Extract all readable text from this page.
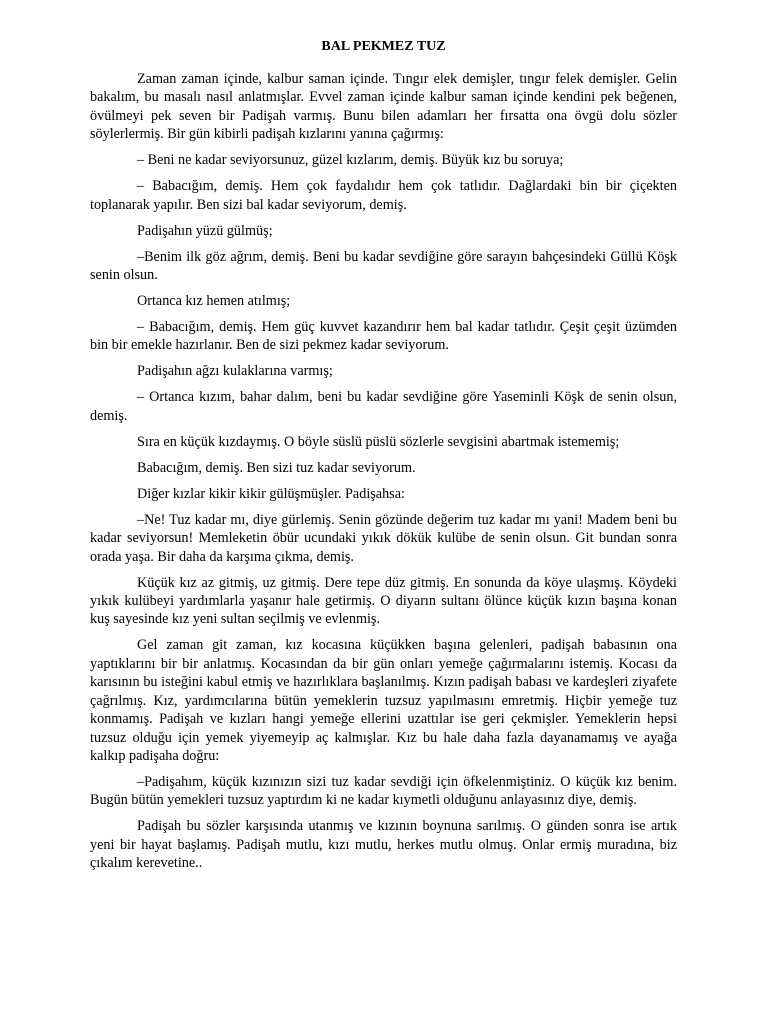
BAL PEKMEZ TUZ
Zaman zaman içinde, kalbur saman içinde. Tıngır elek demişler, tıngır felek demişler. Gelin bakalım, bu masalı nasıl anlatmışlar. Evvel zaman içinde kalbur saman içinde kendini pek beğenen, övülmeyi pek seven bir Padişah varmış. Bunu bilen adamları her fırsatta ona övgü dolu sözler söylerlermiş. Bir gün kibirli padişah kızlarını yanına çağırmış:
– Beni ne kadar seviyorsunuz, güzel kızlarım, demiş. Büyük kız bu soruya;
– Babacığım, demiş. Hem çok faydalıdır hem çok tatlıdır. Dağlardaki bin bir çiçekten toplanarak yapılır. Ben sizi bal kadar seviyorum, demiş.
Padişahın yüzü gülmüş;
–Benim ilk göz ağrım, demiş. Beni bu kadar sevdiğine göre sarayın bahçesindeki Güllü Köşk senin olsun.
Ortanca kız hemen atılmış;
– Babacığım, demiş. Hem güç kuvvet kazandırır hem bal kadar tatlıdır. Çeşit çeşit üzümden bin bir emekle hazırlanır. Ben de sizi pekmez kadar seviyorum.
Padişahın ağzı kulaklarına varmış;
– Ortanca kızım, bahar dalım, beni bu kadar sevdiğine göre Yaseminli Köşk de senin olsun, demiş.
Sıra en küçük kızdaymış. O böyle süslü püslü sözlerle sevgisini abartmak istememiş;
Babacığım, demiş. Ben sizi tuz kadar seviyorum.
Diğer kızlar kikir kikir gülüşmüşler. Padişahsa:
–Ne! Tuz kadar mı, diye gürlemiş. Senin gözünde değerim tuz kadar mı yani! Madem beni bu kadar seviyorsun! Memleketin öbür ucundaki yıkık dökük kulübe de senin olsun. Git bundan sonra orada yaşa. Bir daha da karşıma çıkma, demiş.
Küçük kız az gitmiş, uz gitmiş. Dere tepe düz gitmiş. En sonunda da köye ulaşmış. Köydeki yıkık kulübeyi yardımlarla yaşanır hale getirmiş. O diyarın sultanı ölünce küçük kızın başına konan kuş sayesinde kız yeni sultan seçilmiş ve evlenmiş.
Gel zaman git zaman, kız kocasına küçükken başına gelenleri, padişah babasının ona yaptıklarını bir bir anlatmış. Kocasından da bir gün onları yemeğe çağırmalarını istemiş. Kocası da karısının bu isteğini kabul etmiş ve hazırlıklara başlanılmış. Kızın padişah babası ve kardeşleri ziyafete çağrılmış. Kız, yardımcılarına bütün yemeklerin tuzsuz yapılmasını emretmiş. Hiçbir yemeğe tuz konmamış. Padişah ve kızları hangi yemeğe ellerini uzattılar ise geri çekmişler. Yemeklerin hepsi tuzsuz olduğu için yemek yiyemeyip aç kalmışlar. Kız bu hale daha fazla dayanamamış ve ayağa kalkıp padişaha doğru:
–Padişahım, küçük kızınızın sizi tuz kadar sevdiği için öfkelenmiştiniz. O küçük kız benim. Bugün bütün yemekleri tuzsuz yaptırdım ki ne kadar kıymetli olduğunu anlayasınız diye, demiş.
Padişah bu sözler karşısında utanmış ve kızının boynuna sarılmış. O günden sonra ise artık yeni bir hayat başlamış. Padişah mutlu, kızı mutlu, herkes mutlu olmuş. Onlar ermiş muradına, biz çıkalım kerevetine..
